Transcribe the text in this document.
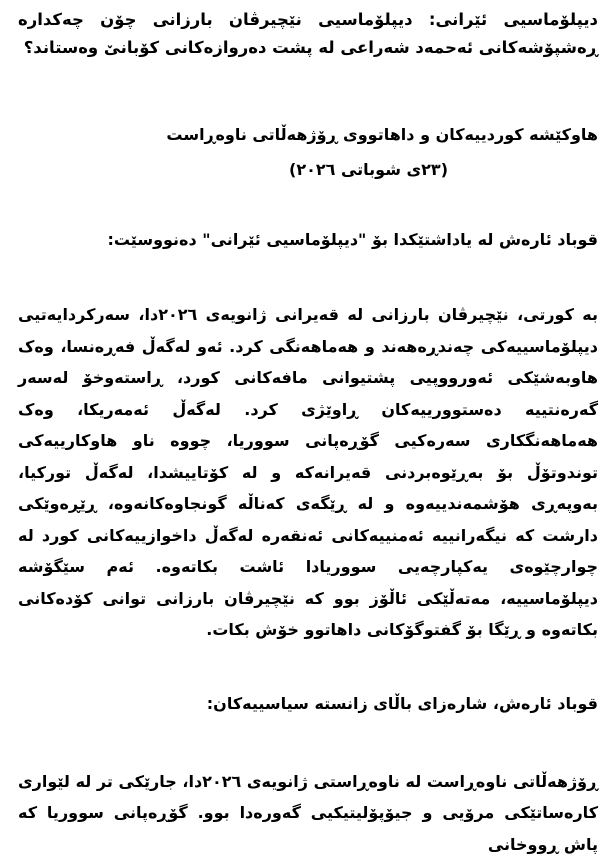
دیپلۆماسیی ئێرانی: دیپلۆماسیی نێچیرڤان بارزانی چۆن چەکدارە ڕەشپۆشەکانی ئەحمەد شەراعی لە پشت دەروازەکانی کۆبانێ وەستاند؟

هاوکێشە کوردییەکان و داهاتووی ڕۆژهەڵاتی ناوەڕاست

(٢٣ی شوباتی ٢٠٢٦)

قوباد ئارەش لە یاداشتێکدا بۆ "دیپلۆماسیی ئێرانی" دەنووسێت:

بە کورتی، نێچیرڤان بارزانی لە قەیرانی ژانویەی ٢٠٢٦دا، سەرکردایەتیی دیپلۆماسییەکی چەندڕەهەند و هەماهەنگی کرد. ئەو لەگەڵ فەڕەنسا، وەک هاوبەشێکی ئەورووپیی پشتیوانی مافەکانی کورد، ڕاستەوخۆ لەسەر گەرەنتییە دەستوورییەکان ڕاوێژی کرد. لەگەڵ ئەمەریکا، وەک هەماهەنگکاری سەرەکیی گۆڕەپانی سووریا، چووە ناو هاوکارییەکی توندوتۆڵ بۆ بەڕێوەبردنی قەیرانەکە و لە کۆتاییشدا، لەگەڵ تورکیا، بەوپەڕی هۆشمەندییەوە و لە ڕێگەی کەناڵە گونجاوەکانەوە، ڕێڕەوێکی دارشت کە نیگەرانییە ئەمنییەکانی ئەنقەرە لەگەڵ داخوازییەکانی کورد لە چوارچێوەی یەکپارچەیی سووریادا ئاشت بکاتەوە. ئەم سێگۆشە دیپلۆماسییە، مەتەڵێکی ئاڵۆز بوو کە نێچیرڤان بارزانی توانی کۆدەکانی بکاتەوە و ڕێگا بۆ گفتوگۆکانی داهاتوو خۆش بکات.

قوباد ئارەش، شارەزای باڵای زانستە سیاسییەکان:

ڕۆژهەڵاتی ناوەڕاست لە ناوەڕاستی ژانویەی ٢٠٢٦دا، جارێکی تر لە لێواری کارەساتێکی مرۆیی و جیۆپۆلیتیکیی گەورەدا بوو. گۆڕەپانی سووریا کە پاش ڕووخانی
